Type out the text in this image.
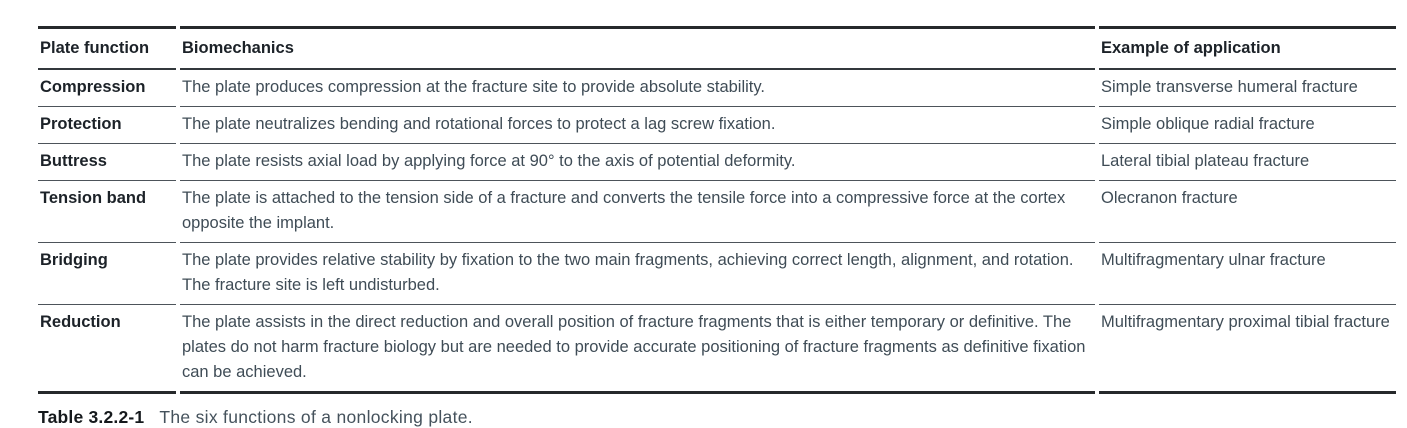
Plate function	Biomechanics	Example of application
Compression	The plate produces compression at the fracture site to provide absolute stability.	Simple transverse humeral fracture
Protection	The plate neutralizes bending and rotational forces to protect a lag screw fixation.	Simple oblique radial fracture
Buttress	The plate resists axial load by applying force at 90° to the axis of potential deformity.	Lateral tibial plateau fracture
Tension band	The plate is attached to the tension side of a fracture and converts the tensile force into a compressive force at the cortex opposite the implant.	Olecranon fracture
Bridging	The plate provides relative stability by fixation to the two main fragments, achieving correct length, alignment, and rotation. The fracture site is left undisturbed.	Multifragmentary ulnar fracture
Reduction	The plate assists in the direct reduction and overall position of fracture fragments that is either temporary or definitive. The plates do not harm fracture biology but are needed to provide accurate positioning of fracture fragments as definitive fixation can be achieved.	Multifragmentary proximal tibial fracture
Table 3.2.2-1 The six functions of a nonlocking plate.
